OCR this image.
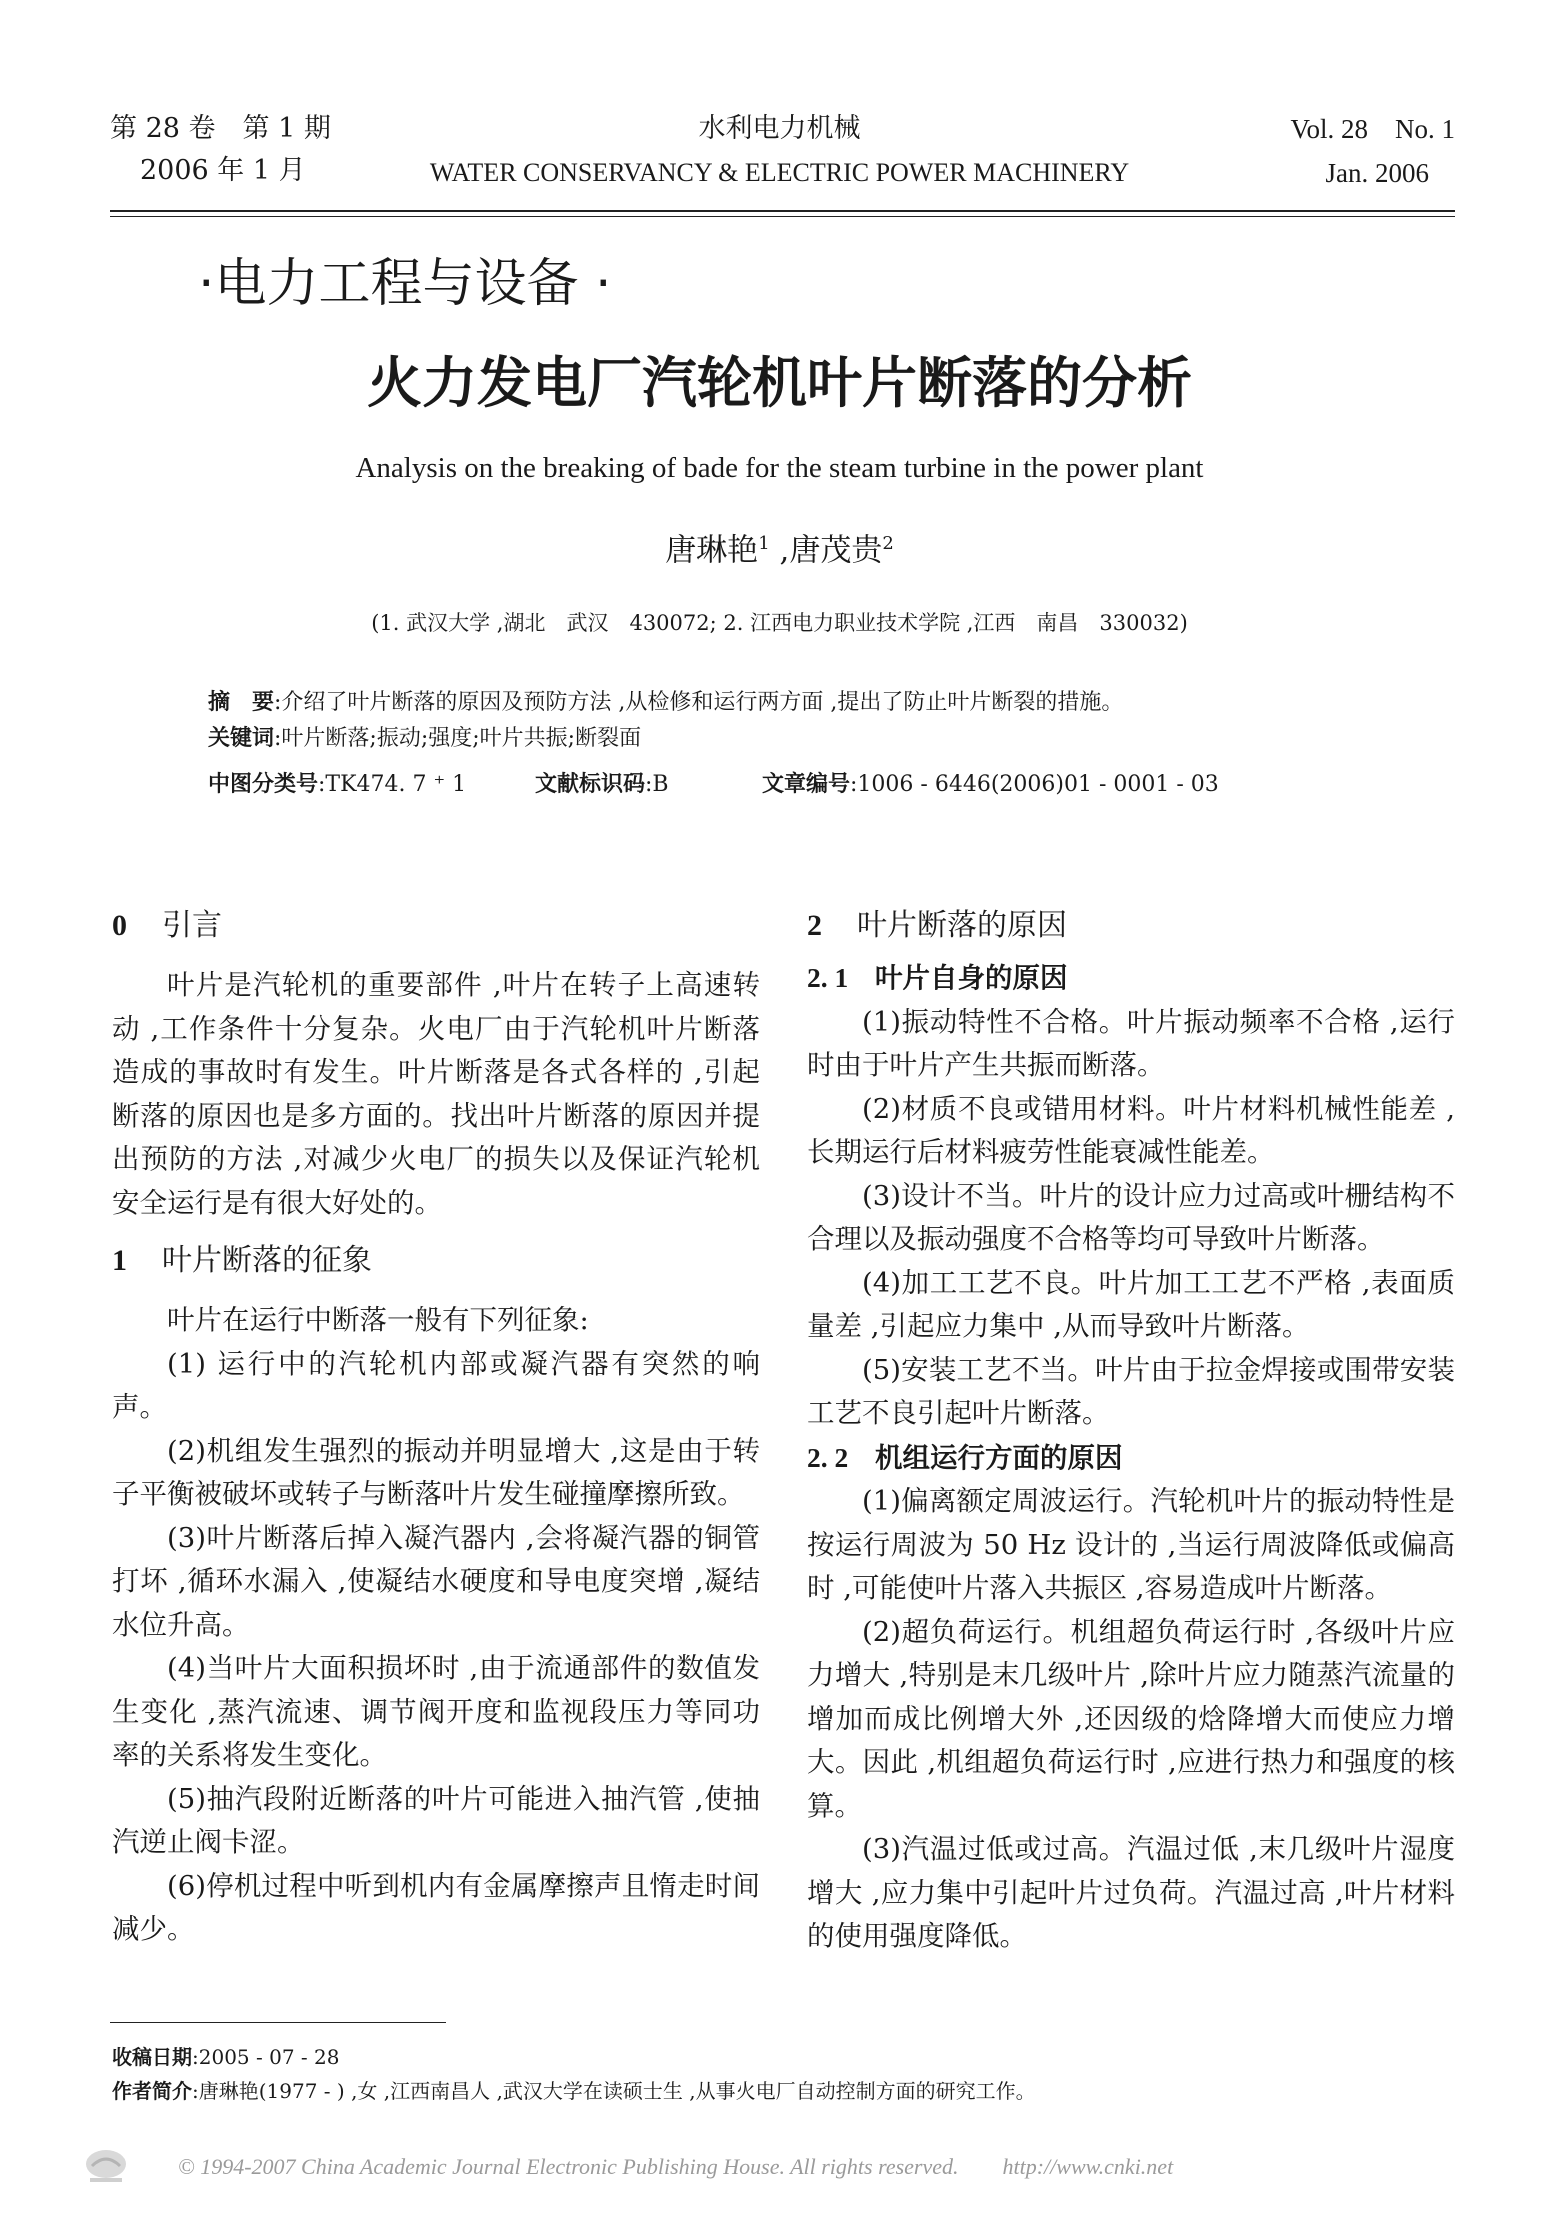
第 28 卷　第 1 期
2006 年 1 月
水利电力机械
WATER CONSERVANCY & ELECTRIC POWER MACHINERY
Vol. 28　No. 1
Jan. 2006
·电力工程与设备 ·
火力发电厂汽轮机叶片断落的分析
Analysis on the breaking of bade for the steam turbine in the power plant
唐琳艳$^1$ ,唐茂贵$^2$
(1. 武汉大学 ,湖北　武汉　430072; 2. 江西电力职业技术学院 ,江西　南昌　330032)
摘　要:介绍了叶片断落的原因及预防方法 ,从检修和运行两方面 ,提出了防止叶片断裂的措施。
关键词:叶片断落;振动;强度;叶片共振;断裂面
中图分类号:TK474. 7 ⁺ 1	文献标识码:B	文章编号:1006 - 6446(2006)01 - 0001 - 03
0 引言

叶片是汽轮机的重要部件 ,叶片在转子上高速转动 ,工作条件十分复杂。火电厂由于汽轮机叶片断落造成的事故时有发生。叶片断落是各式各样的 ,引起断落的原因也是多方面的。找出叶片断落的原因并提出预防的方法 ,对减少火电厂的损失以及保证汽轮机安全运行是有很大好处的。

1 叶片断落的征象

叶片在运行中断落一般有下列征象:

(1) 运行中的汽轮机内部或凝汽器有突然的响声。

(2)机组发生强烈的振动并明显增大 ,这是由于转子平衡被破坏或转子与断落叶片发生碰撞摩擦所致。

(3)叶片断落后掉入凝汽器内 ,会将凝汽器的铜管打坏 ,循环水漏入 ,使凝结水硬度和导电度突增 ,凝结水位升高。

(4)当叶片大面积损坏时 ,由于流通部件的数值发生变化 ,蒸汽流速、调节阀开度和监视段压力等同功率的关系将发生变化。

(5)抽汽段附近断落的叶片可能进入抽汽管 ,使抽汽逆止阀卡涩。

(6)停机过程中听到机内有金属摩擦声且惰走时间减少。

2 叶片断落的原因
2. 1 叶片自身的原因

(1)振动特性不合格。叶片振动频率不合格 ,运行时由于叶片产生共振而断落。

(2)材质不良或错用材料。叶片材料机械性能差 ,长期运行后材料疲劳性能衰减性能差。

(3)设计不当。叶片的设计应力过高或叶栅结构不合理以及振动强度不合格等均可导致叶片断落。

(4)加工工艺不良。叶片加工工艺不严格 ,表面质量差 ,引起应力集中 ,从而导致叶片断落。

(5)安装工艺不当。叶片由于拉金焊接或围带安装工艺不良引起叶片断落。

2. 2 机组运行方面的原因

(1)偏离额定周波运行。汽轮机叶片的振动特性是按运行周波为 50 Hz 设计的 ,当运行周波降低或偏高时 ,可能使叶片落入共振区 ,容易造成叶片断落。

(2)超负荷运行。机组超负荷运行时 ,各级叶片应力增大 ,特别是末几级叶片 ,除叶片应力随蒸汽流量的增加而成比例增大外 ,还因级的焓降增大而使应力增大。因此 ,机组超负荷运行时 ,应进行热力和强度的核算。

(3)汽温过低或过高。汽温过低 ,末几级叶片湿度增大 ,应力集中引起叶片过负荷。汽温过高 ,叶片材料的使用强度降低。

收稿日期:2005 - 07 - 28
作者简介:唐琳艳(1977 - ) ,女 ,江西南昌人 ,武汉大学在读硕士生 ,从事火电厂自动控制方面的研究工作。
© 1994-2007 China Academic Journal Electronic Publishing House. All rights reserved.　　http://www.cnki.net
